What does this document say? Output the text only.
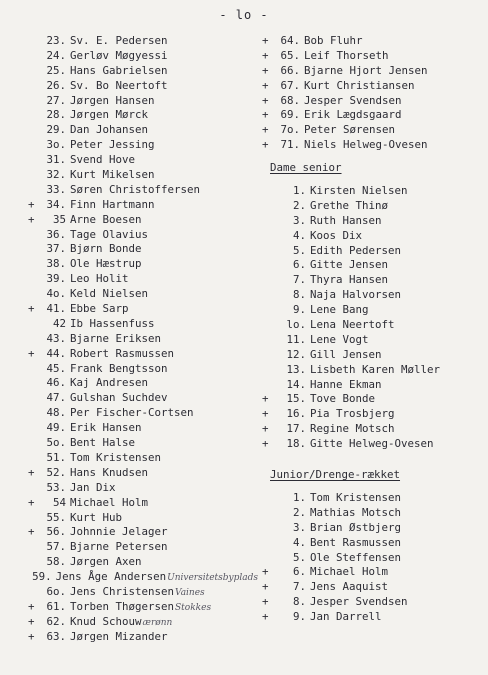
- lo -
23. Sv. E. Pedersen
24. Gerløv Møgyessi
25. Hans Gabrielsen
26. Sv. Bo Neertoft
27. Jørgen Hansen
28. Jørgen Mørck
29. Dan Johansen
3o. Peter Jessing
31. Svend Hove
32. Kurt Mikelsen
33. Søren Christoffersen
+	34. Finn Hartmann
+	35 Arne Boesen
36. Tage Olavius
37. Bjørn Bonde
38. Ole Hæstrup
39. Leo Holit
4o. Keld Nielsen
+	41. Ebbe Sarp
42 Ib Hassenfuss
43. Bjarne Eriksen
+	44. Robert Rasmussen
45. Frank Bengtsson
46. Kaj Andresen
47. Gulshan Suchdev
48. Per Fischer-Cortsen
49. Erik Hansen
5o. Bent Halse
51. Tom Kristensen
+	52. Hans Knudsen
53. Jan Dix
+	54 Michael Holm
55. Kurt Hub
+	56. Johnnie Jelager
57. Bjarne Petersen
58. Jørgen Axen
59. Jens Åge Andersen Universitetsbyplads
6o. Jens Christensen Vaines
+	61. Torben Thøgersen Stokkes
+	62. Knud Schouw ærønn
+	63. Jørgen Mizander
+	64. Bob Fluhr
+	65. Leif Thorseth
+	66. Bjarne Hjort Jensen
+	67. Kurt Christiansen
+	68. Jesper Svendsen
+	69. Erik Lægdsgaard
+	7o. Peter Sørensen
+	71. Niels Helweg-Ovesen
Dame senior
1. Kirsten Nielsen
2. Grethe Thinø
3. Ruth Hansen
4. Koos Dix
5. Edith Pedersen
6. Gitte Jensen
7. Thyra Hansen
8. Naja Halvorsen
9. Lene Bang
lo. Lena Neertoft
11. Lene Vogt
12. Gill Jensen
13. Lisbeth Karen Møller
14. Hanne Ekman
+	15. Tove Bonde
+	16. Pia Trosbjerg
+	17. Regine Motsch
+	18. Gitte Helweg-Ovesen
Junior/Drenge-rækket
1. Tom Kristensen
2. Mathias Motsch
3. Brian Østbjerg
4. Bent Rasmussen
5. Ole Steffensen
+	6. Michael Holm
+	7. Jens Aaquist
+	8. Jesper Svendsen
+	9. Jan Darrell
